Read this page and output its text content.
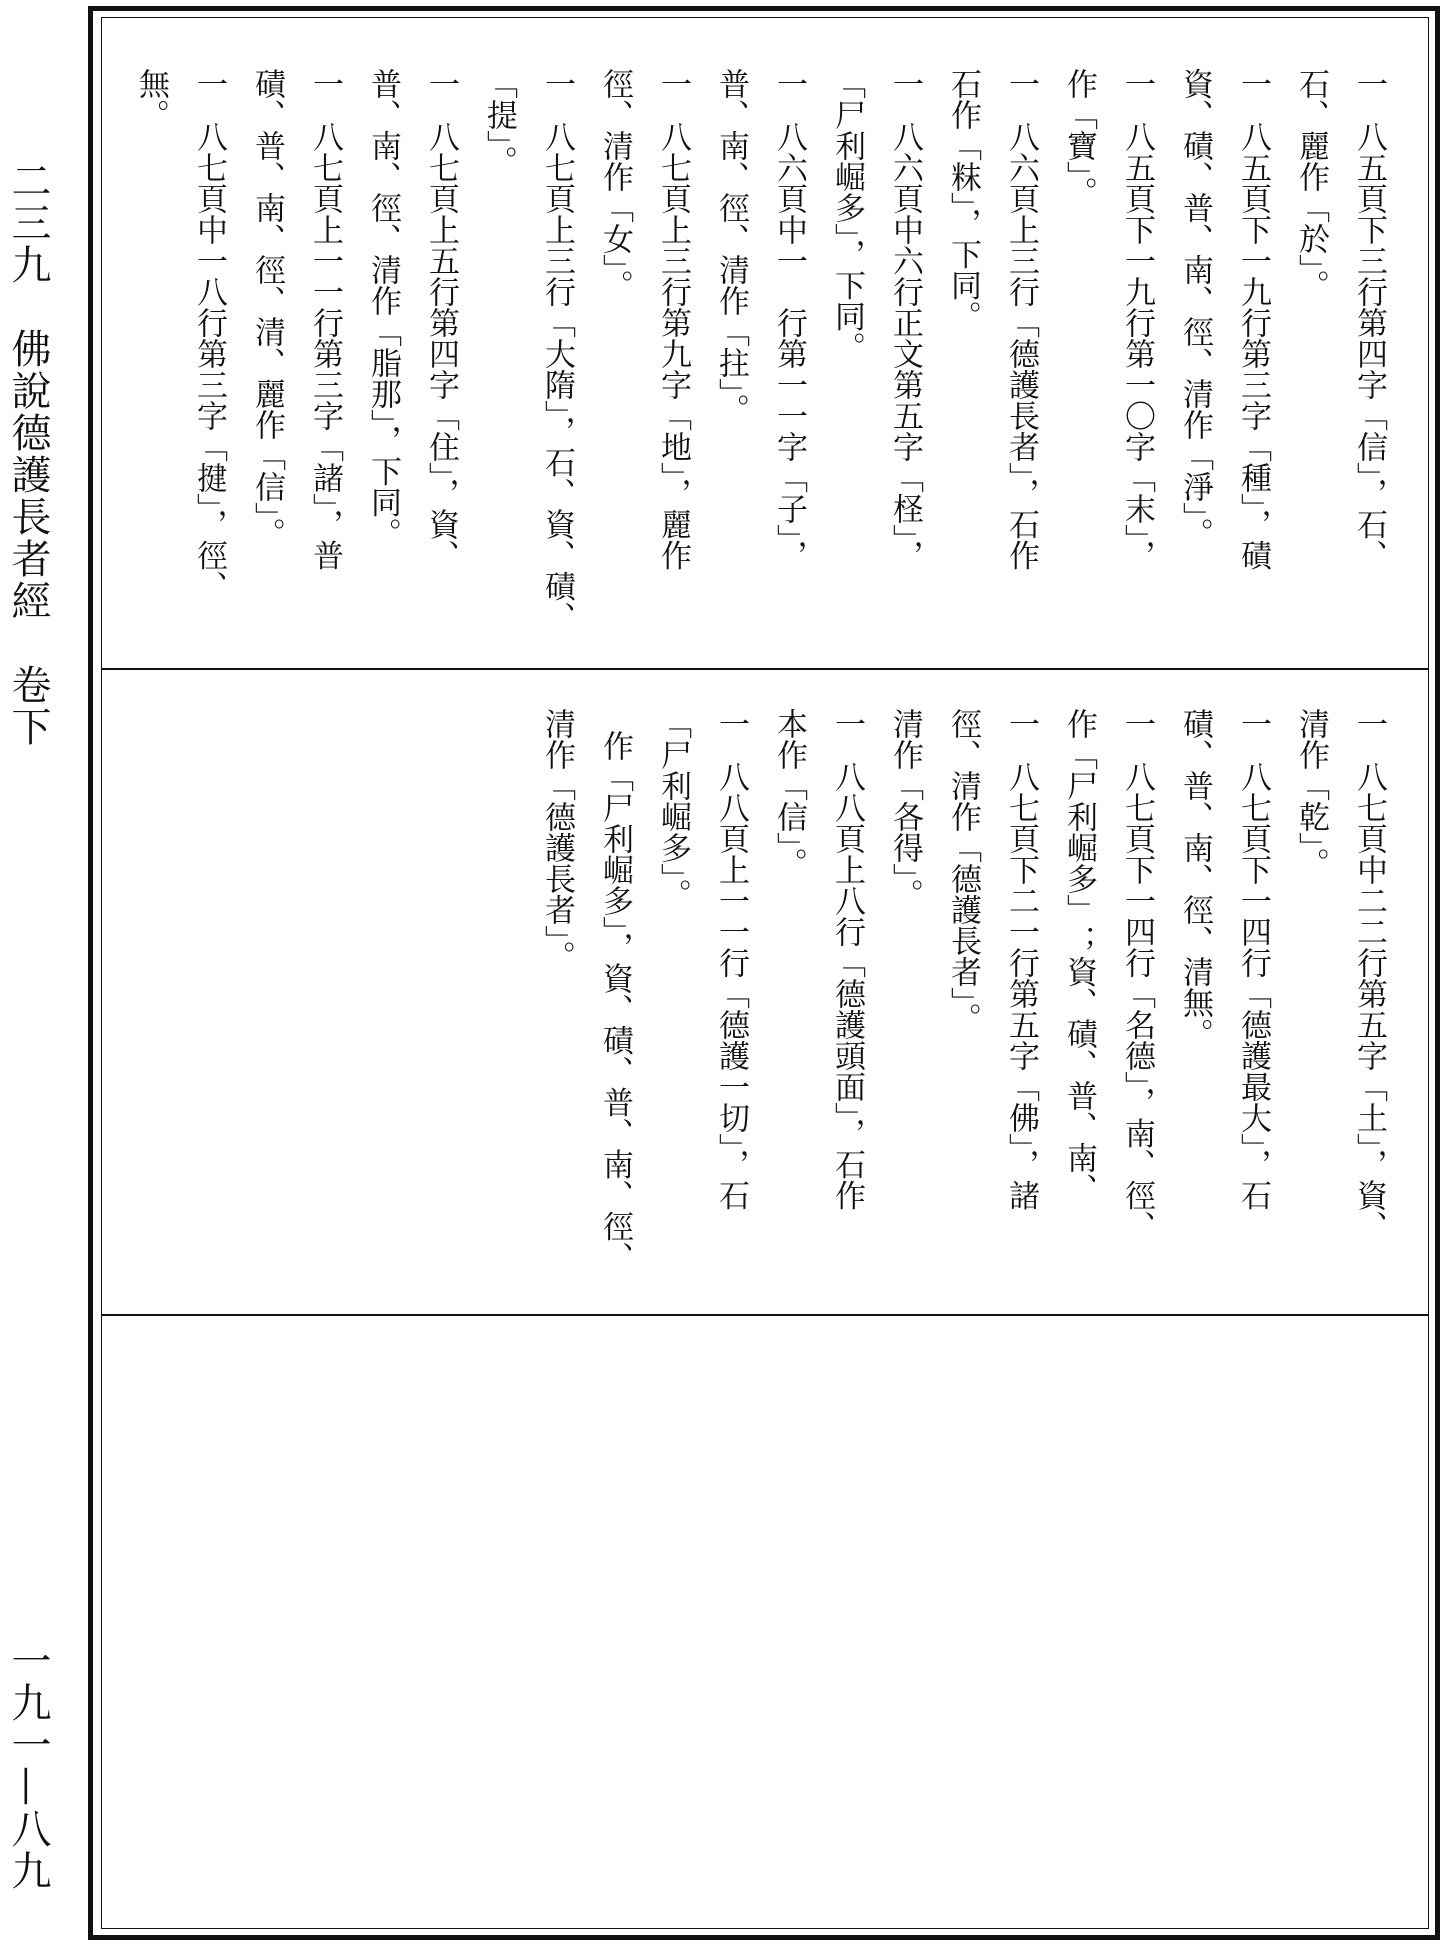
二三九　佛說德護長者經　卷下
一九一—八九
一八五頁下三行第四字「信」，石、
石、麗作「於」。
一八五頁下一九行第三字「種」，磧
資、磧、普、南、徑、清作「淨」。
一八五頁下一九行第一〇字「末」，
作「寶」。
一八六頁上三行「德護長者」，石作
石作「粖」，下同。
一八六頁中六行正文第五字「柽」，
「尸利崛多」，下同。
一八六頁中一　行第一一字「子」，
普、南、徑、清作「拄」。
一八七頁上三行第九字「地」，麗作
徑、清作「女」。
一八七頁上三行「大隋」，石、資、磧、
「提」。
一八七頁上五行第四字「住」，資、
普、南、徑、清作「脂那」，下同。
一八七頁上一一行第三字「諸」，普
磧、普、南、徑、清、麗作「信」。
一八七頁中一八行第三字「揵」，徑、
無。
一八七頁中二二行第五字「土」，資、
清作「乾」。
一八七頁下一四行「德護最大」，石
磧、普、南、徑、清無。
一八七頁下一四行「名德」，南、徑、
作「尸利崛多」；資、磧、普、南、
一八七頁下二一行第五字「佛」，諸
徑、清作「德護長者」。
清作「各得」。
一八八頁上八行「德護頭面」，石作
本作「信」。
一八八頁上一一行「德護一切」，石
「尸利崛多」。
作「尸利崛多」，資、磧、普、南、徑、
清作「德護長者」。
